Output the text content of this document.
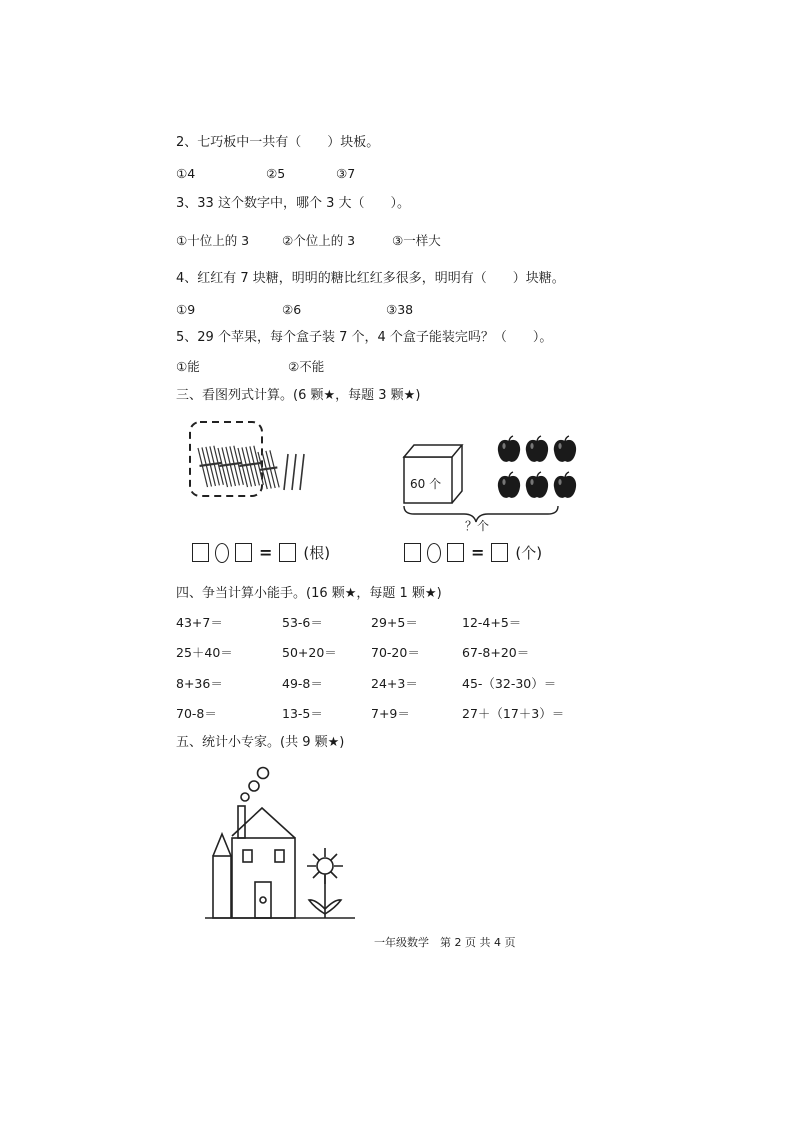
2、七巧板中一共有（　　）块板。
①4	②5	③7
3、33 这个数字中，哪个 3 大（　　）。
①十位上的 3	②个位上的 3	③一样大
4、红红有 7 块糖，明明的糖比红红多很多，明明有（　　）块糖。
①9	②6	③38
5、29 个苹果，每个盒子装 7 个，4 个盒子能装完吗？（　　）。
①能	②不能
三、看图列式计算。(6 颗★，每题 3 颗★)
60 个
？个
= (根)	= (个)
四、争当计算小能手。(16 颗★，每题 1 颗★)
43+7＝	53-6＝	29+5＝	12-4+5＝
25＋40＝	50+20＝	70-20＝	67-8+20＝
8+36＝	49-8＝	24+3＝	45-（32-30）＝
70-8＝	13-5＝	7+9＝	27＋（17＋3）＝
五、统计小专家。(共 9 颗★)
一年级数学　第 2 页 共 4 页
